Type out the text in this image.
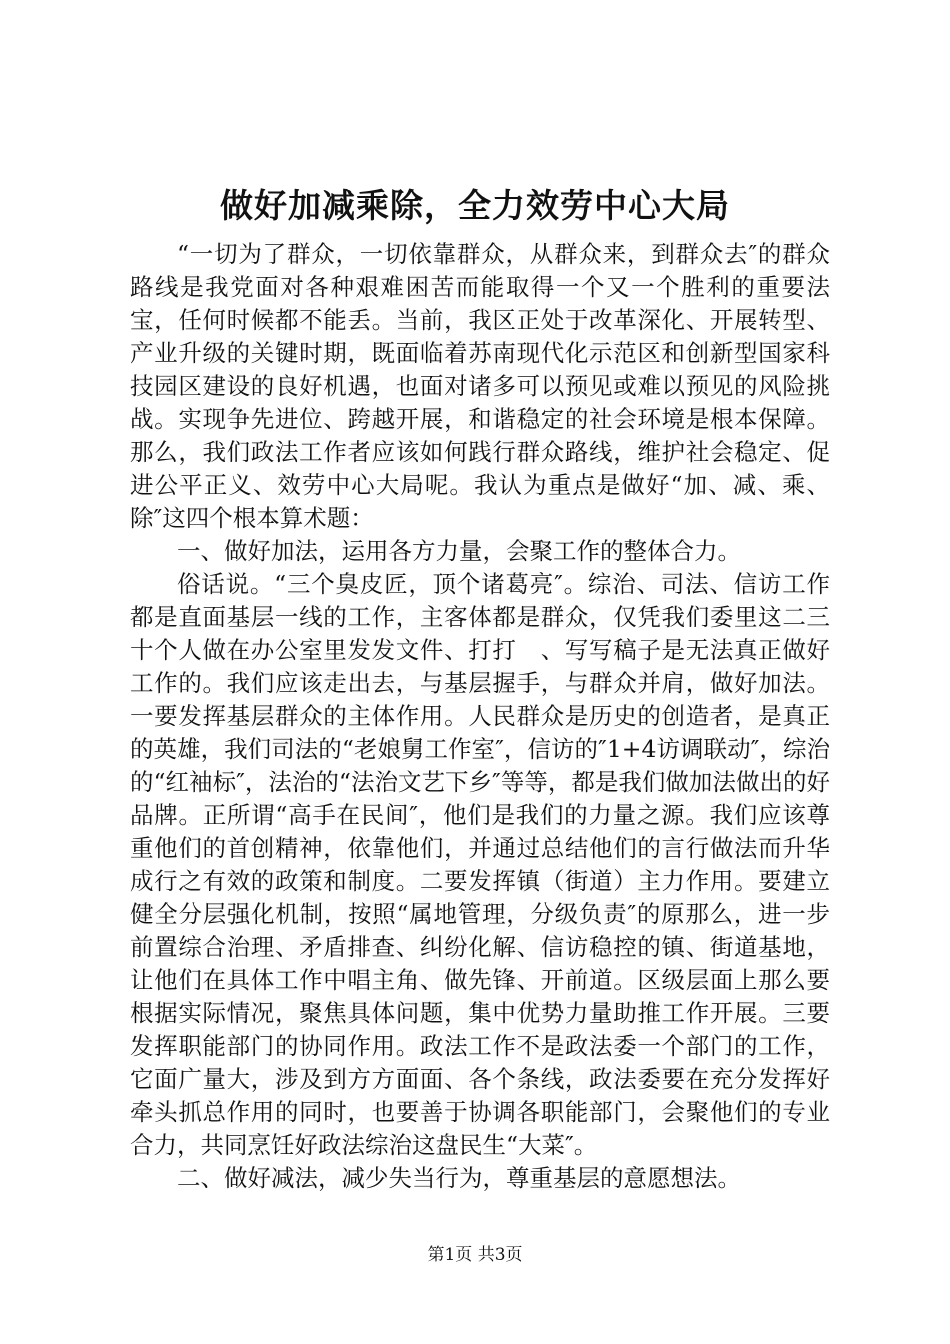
做好加减乘除，全力效劳中心大局

“一切为了群众，一切依靠群众，从群众来，到群众去″的群众路线是我党面对各种艰难困苦而能取得一个又一个胜利的重要法宝，任何时候都不能丢。当前，我区正处于改革深化、开展转型、产业升级的关键时期，既面临着苏南现代化示范区和创新型国家科技园区建设的良好机遇，也面对诸多可以预见或难以预见的风险挑战。实现争先进位、跨越开展，和谐稳定的社会环境是根本保障。那么，我们政法工作者应该如何践行群众路线，维护社会稳定、促进公平正义、效劳中心大局呢。我认为重点是做好“加、减、乘、除″这四个根本算术题：

一、做好加法，运用各方力量，会聚工作的整体合力。

俗话说。“三个臭皮匠，顶个诸葛亮″。综治、司法、信访工作都是直面基层一线的工作，主客体都是群众，仅凭我们委里这二三十个人做在办公室里发发文件、打打　、写写稿子是无法真正做好工作的。我们应该走出去，与基层握手，与群众并肩，做好加法。一要发挥基层群众的主体作用。人民群众是历史的创造者，是真正的英雄，我们司法的“老娘舅工作室″，信访的″1+4访调联动″，综治的“红袖标″，法治的“法治文艺下乡″等等，都是我们做加法做出的好品牌。正所谓“高手在民间″，他们是我们的力量之源。我们应该尊重他们的首创精神，依靠他们，并通过总结他们的言行做法而升华成行之有效的政策和制度。二要发挥镇（街道）主力作用。要建立健全分层强化机制，按照“属地管理，分级负责″的原那么，进一步前置综合治理、矛盾排查、纠纷化解、信访稳控的镇、街道基地，让他们在具体工作中唱主角、做先锋、开前道。区级层面上那么要根据实际情况，聚焦具体问题，集中优势力量助推工作开展。三要发挥职能部门的协同作用。政法工作不是政法委一个部门的工作，它面广量大，涉及到方方面面、各个条线，政法委要在充分发挥好牵头抓总作用的同时，也要善于协调各职能部门，会聚他们的专业合力，共同烹饪好政法综治这盘民生“大菜″。

二、做好减法，减少失当行为，尊重基层的意愿想法。

第1页 共3页
